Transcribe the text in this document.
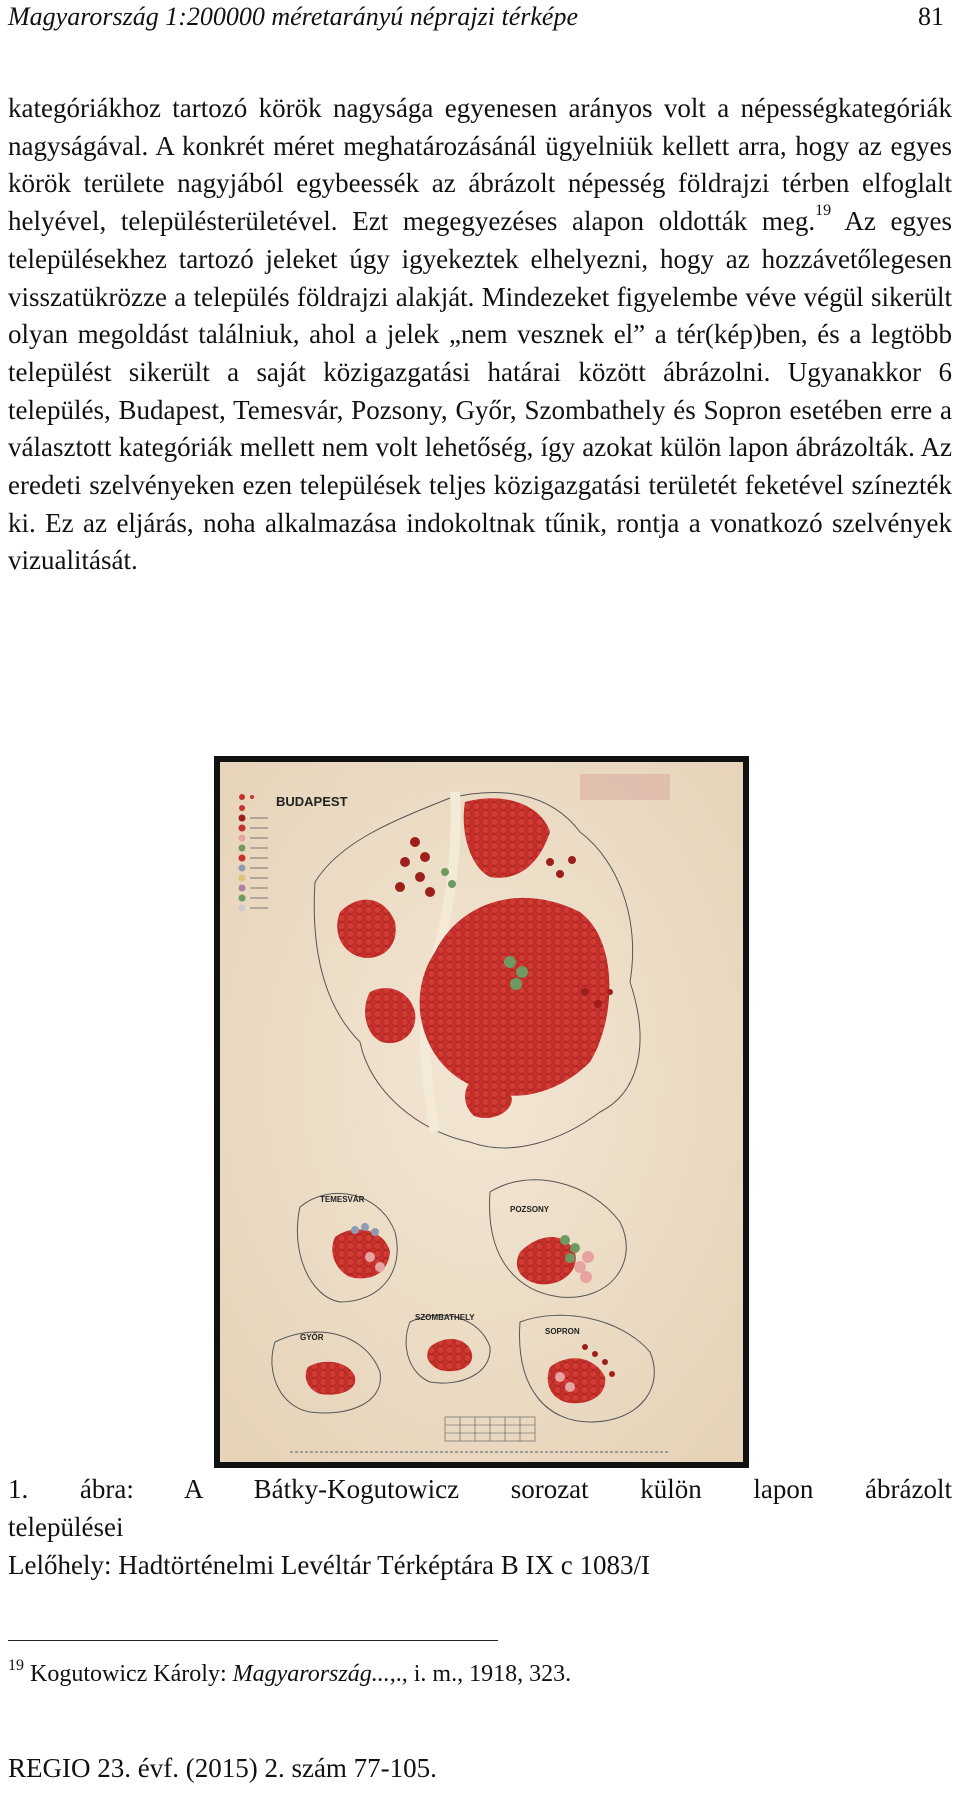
Magyarország 1:200000 méretarányú néprajzi térképe	81

kategóriákhoz tartozó körök nagysága egyenesen arányos volt a népességkategóriák nagyságával. A konkrét méret meghatározásánál ügyelniük kellett arra, hogy az egyes körök területe nagyjából egybeessék az ábrázolt népesség földrajzi térben elfoglalt helyével, településterületével. Ezt megegyezéses alapon oldották meg.$^{19}$ Az egyes településekhez tartozó jeleket úgy igyekeztek elhelyezni, hogy az hozzávetőlegesen visszatükrözze a település földrajzi alakját. Mindezeket figyelembe véve végül sikerült olyan megoldást találniuk, ahol a jelek „nem vesznek el” a tér(kép)ben, és a legtöbb települést sikerült a saját közigazgatási határai között ábrázolni. Ugyanakkor 6 település, Budapest, Temesvár, Pozsony, Győr, Szombathely és Sopron esetében erre a választott kategóriák mellett nem volt lehetőség, így azokat külön lapon ábrázolták. Az eredeti szelvényeken ezen települések teljes közigazgatási területét feketével színezték ki. Ez az eljárás, noha alkalmazása indokoltnak tűnik, rontja a vonatkozó szelvények vizualitását.

BUDAPEST
TEMESVÁR
POZSONY
GYŐR
SZOMBATHELY
SOPRON
1. ábra: A Bátky-Kogutowicz sorozat külön lapon ábrázolt
települései
Lelőhely: Hadtörténelmi Levéltár Térképtára B IX c 1083/I
$^{19}$ Kogutowicz Károly: Magyarország...,., i. m., 1918, 323.
REGIO 23. évf. (2015) 2. szám 77-105.
